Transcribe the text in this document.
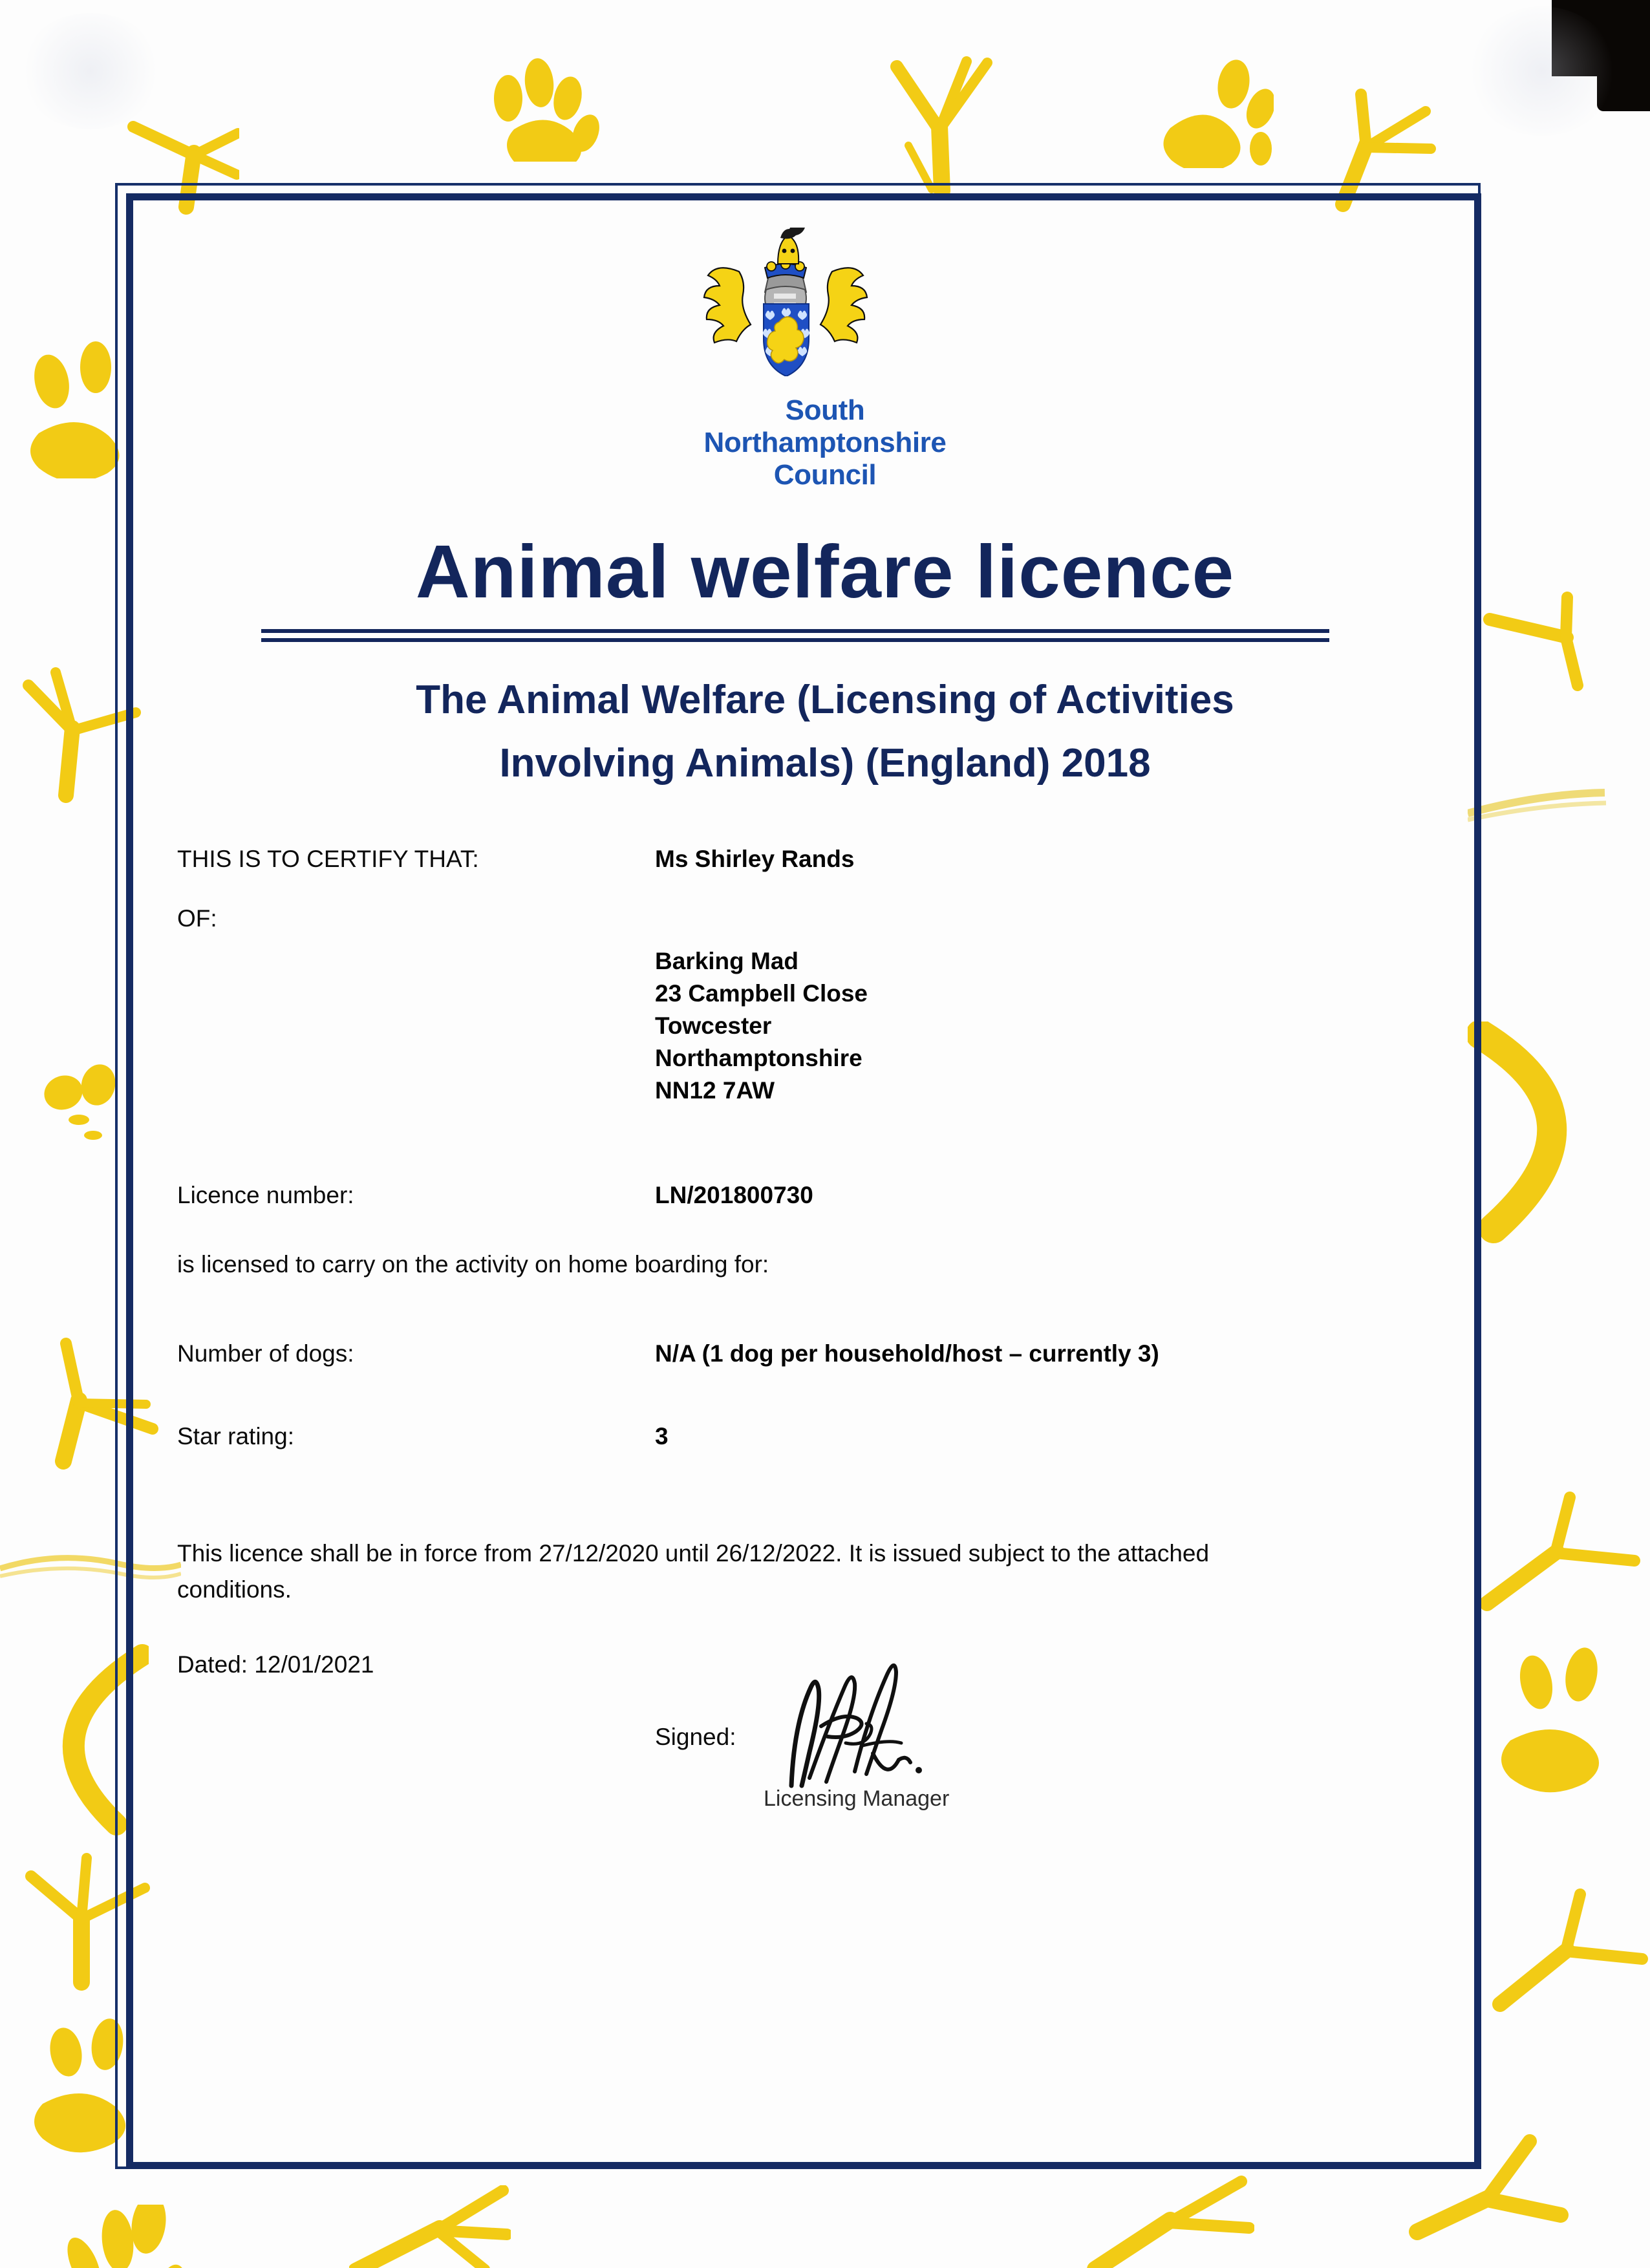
South
Northamptonshire
Council
Animal welfare licence
The Animal Welfare (Licensing of Activities
Involving Animals) (England) 2018
THIS IS TO CERTIFY THAT:	Ms Shirley Rands
OF:
Barking Mad
23 Campbell Close
Towcester
Northamptonshire
NN12 7AW
Licence number:	LN/201800730
is licensed to carry on the activity on home boarding for:
Number of dogs:	N/A (1 dog per household/host – currently 3)
Star rating:	3
This licence shall be in force from 27/12/2020 until 26/12/2022. It is issued subject to the attached conditions.
Dated: 12/01/2021
Signed:
Licensing Manager
